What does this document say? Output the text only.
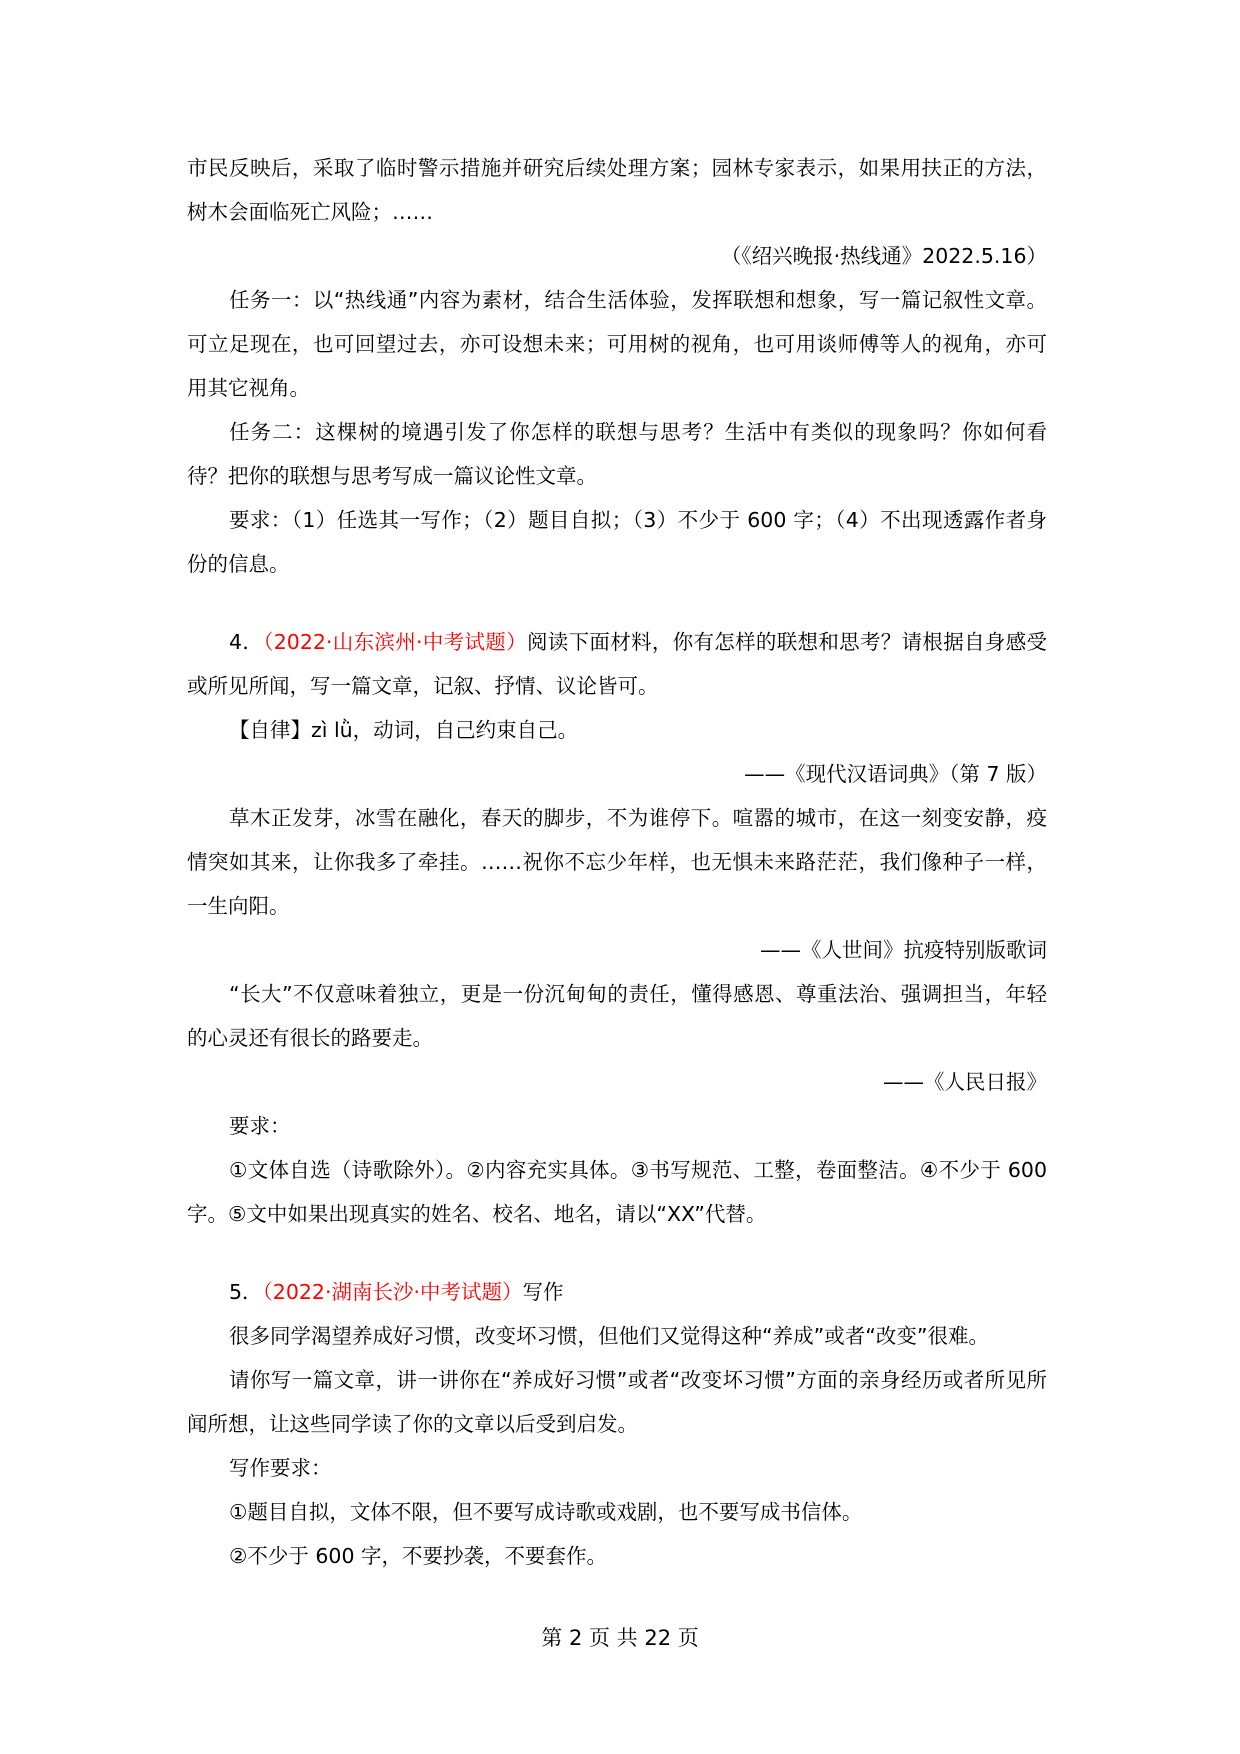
市民反映后，采取了临时警示措施并研究后续处理方案；园林专家表示，如果用扶正的方法，树木会面临死亡风险；……

（《绍兴晚报·热线通》2022.5.16）

任务一：以“热线通”内容为素材，结合生活体验，发挥联想和想象，写一篇记叙性文章。可立足现在，也可回望过去，亦可设想未来；可用树的视角，也可用谈师傅等人的视角，亦可用其它视角。

任务二：这棵树的境遇引发了你怎样的联想与思考？生活中有类似的现象吗？你如何看待？把你的联想与思考写成一篇议论性文章。

要求：（1）任选其一写作；（2）题目自拟；（3）不少于 600 字；（4）不出现透露作者身份的信息。

4．（2022·山东滨州·中考试题）阅读下面材料，你有怎样的联想和思考？请根据自身感受或所见所闻，写一篇文章，记叙、抒情、议论皆可。

【自律】zì lǜ，动词，自己约束自己。

——《现代汉语词典》（第 7 版）

草木正发芽，冰雪在融化，春天的脚步，不为谁停下。喧嚣的城市，在这一刻变安静，疫情突如其来，让你我多了牵挂。……祝你不忘少年样，也无惧未来路茫茫，我们像种子一样，一生向阳。

——《人世间》抗疫特别版歌词

“长大”不仅意味着独立，更是一份沉甸甸的责任，懂得感恩、尊重法治、强调担当，年轻的心灵还有很长的路要走。

——《人民日报》

要求：

①文体自选（诗歌除外）。②内容充实具体。③书写规范、工整，卷面整洁。④不少于 600 字。⑤文中如果出现真实的姓名、校名、地名，请以“XX”代替。

5．（2022·湖南长沙·中考试题）写作

很多同学渴望养成好习惯，改变坏习惯，但他们又觉得这种“养成”或者“改变”很难。

请你写一篇文章，讲一讲你在“养成好习惯”或者“改变坏习惯”方面的亲身经历或者所见所闻所想，让这些同学读了你的文章以后受到启发。

写作要求：

①题目自拟，文体不限，但不要写成诗歌或戏剧，也不要写成书信体。

②不少于 600 字，不要抄袭，不要套作。

第 2 页 共 22 页
